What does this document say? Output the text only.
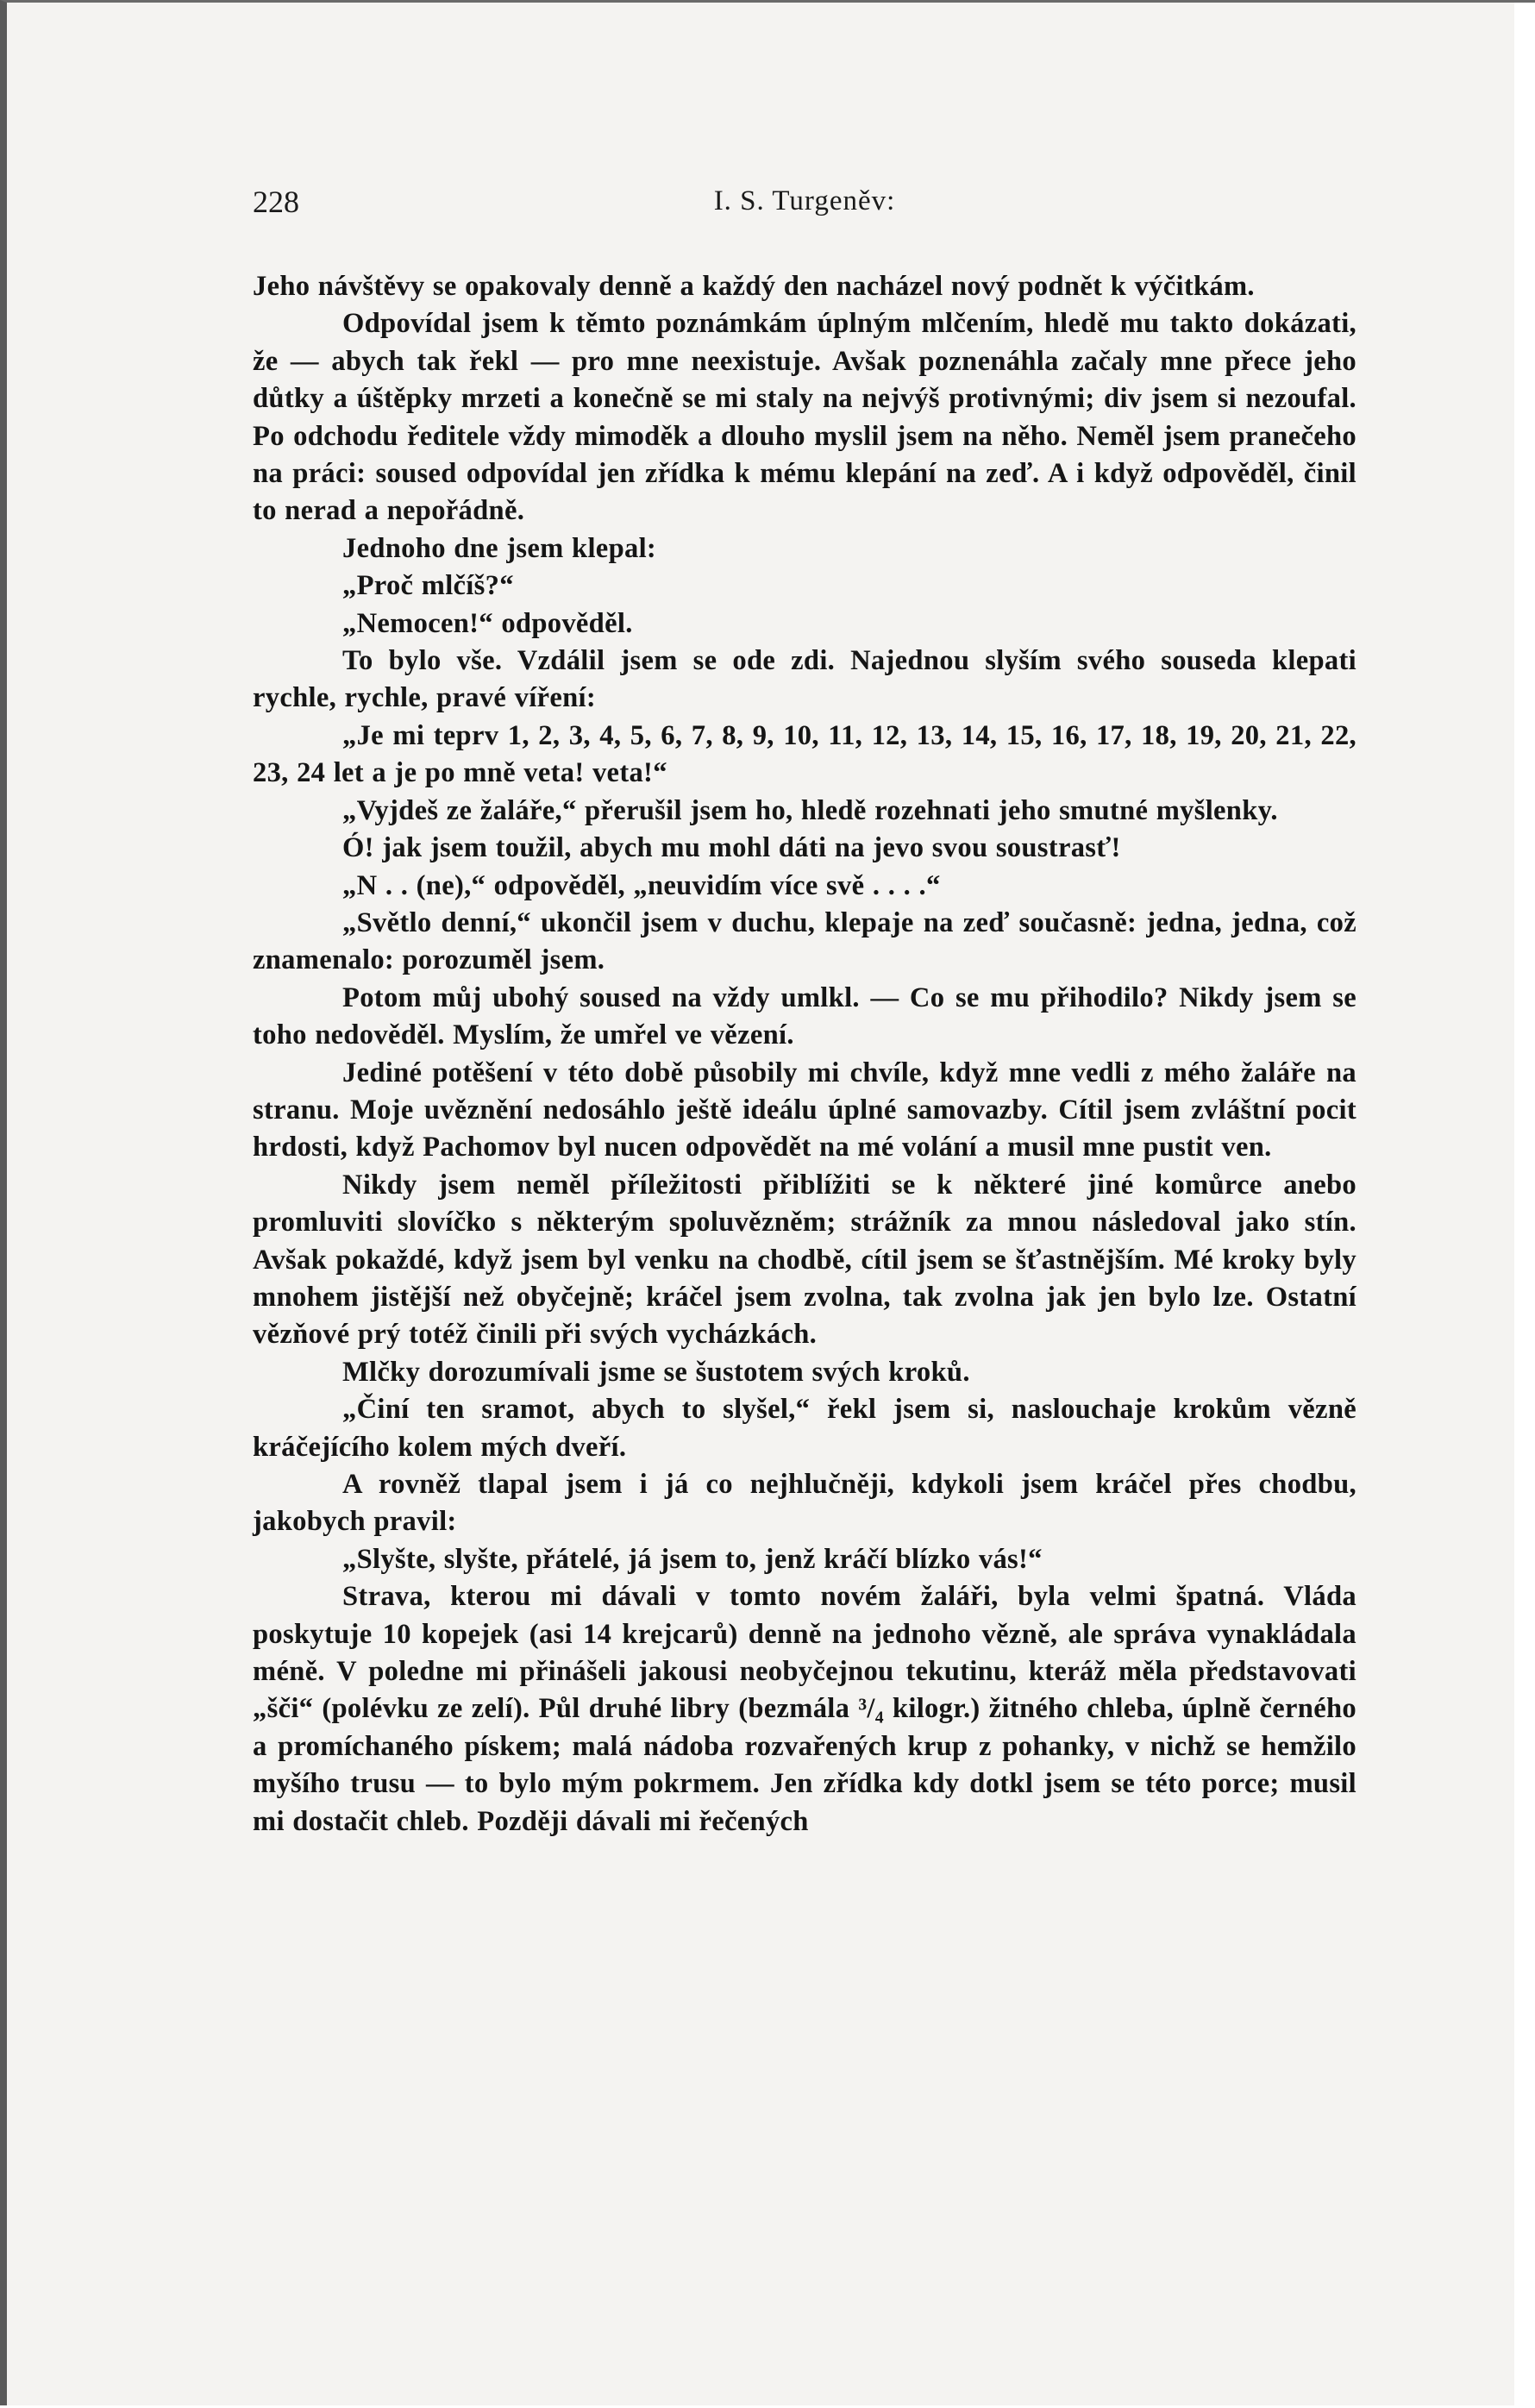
228	I. S. Turgeněv:

Jeho návštěvy se opakovaly denně a každý den nacházel nový podnět k výčitkám.

Odpovídal jsem k těmto poznámkám úplným mlčením, hledě mu takto dokázati, že — abych tak řekl — pro mne neexistuje. Avšak poznenáhla začaly mne přece jeho důtky a úštěpky mrzeti a konečně se mi staly na nejvýš protivnými; div jsem si nezoufal. Po odchodu ředitele vždy mimoděk a dlouho myslil jsem na něho. Neměl jsem pranečeho na práci: soused odpovídal jen zřídka k mému klepání na zeď. A i když odpověděl, činil to nerad a nepořádně.

Jednoho dne jsem klepal:

„Proč mlčíš?“

„Nemocen!“ odpověděl.

To bylo vše. Vzdálil jsem se ode zdi. Najednou slyším svého souseda klepati rychle, rychle, pravé víření:

„Je mi teprv 1, 2, 3, 4, 5, 6, 7, 8, 9, 10, 11, 12, 13, 14, 15, 16, 17, 18, 19, 20, 21, 22, 23, 24 let a je po mně veta! veta!“

„Vyjdeš ze žaláře,“ přerušil jsem ho, hledě rozehnati jeho smutné myšlenky.

Ó! jak jsem toužil, abych mu mohl dáti na jevo svou soustrasť!

„N . . (ne),“ odpověděl, „neuvidím více svě . . . .“

„Světlo denní,“ ukončil jsem v duchu, klepaje na zeď současně: jedna, jedna, což znamenalo: porozuměl jsem.

Potom můj ubohý soused na vždy umlkl. — Co se mu přihodilo? Nikdy jsem se toho nedověděl. Myslím, že umřel ve vězení.

Jediné potěšení v této době působily mi chvíle, když mne vedli z mého žaláře na stranu. Moje uvěznění nedosáhlo ještě ideálu úplné samovazby. Cítil jsem zvláštní pocit hrdosti, když Pachomov byl nucen odpovědět na mé volání a musil mne pustit ven.

Nikdy jsem neměl příležitosti přiblížiti se k některé jiné komůrce anebo promluviti slovíčko s některým spoluvězněm; strážník za mnou následoval jako stín. Avšak pokaždé, když jsem byl venku na chodbě, cítil jsem se šťastnějším. Mé kroky byly mnohem jistější než obyčejně; kráčel jsem zvolna, tak zvolna jak jen bylo lze. Ostatní vězňové prý totéž činili při svých vycházkách.

Mlčky dorozumívali jsme se šustotem svých kroků.

„Činí ten sramot, abych to slyšel,“ řekl jsem si, naslouchaje krokům vězně kráčejícího kolem mých dveří.

A rovněž tlapal jsem i já co nejhlučněji, kdykoli jsem kráčel přes chodbu, jakobych pravil:

„Slyšte, slyšte, přátelé, já jsem to, jenž kráčí blízko vás!“

Strava, kterou mi dávali v tomto novém žaláři, byla velmi špatná. Vláda poskytuje 10 kopejek (asi 14 krejcarů) denně na jednoho vězně, ale správa vynakládala méně. V poledne mi přinášeli jakousi neobyčejnou tekutinu, kteráž měla představovati „šči“ (polévku ze zelí). Půl druhé libry (bezmála ³/₄ kilogr.) žitného chleba, úplně černého a promíchaného pískem; malá nádoba rozvařených krup z pohanky, v nichž se hemžilo myšího trusu — to bylo mým pokrmem. Jen zřídka kdy dotkl jsem se této porce; musil mi dostačit chleb. Později dávali mi řečených
